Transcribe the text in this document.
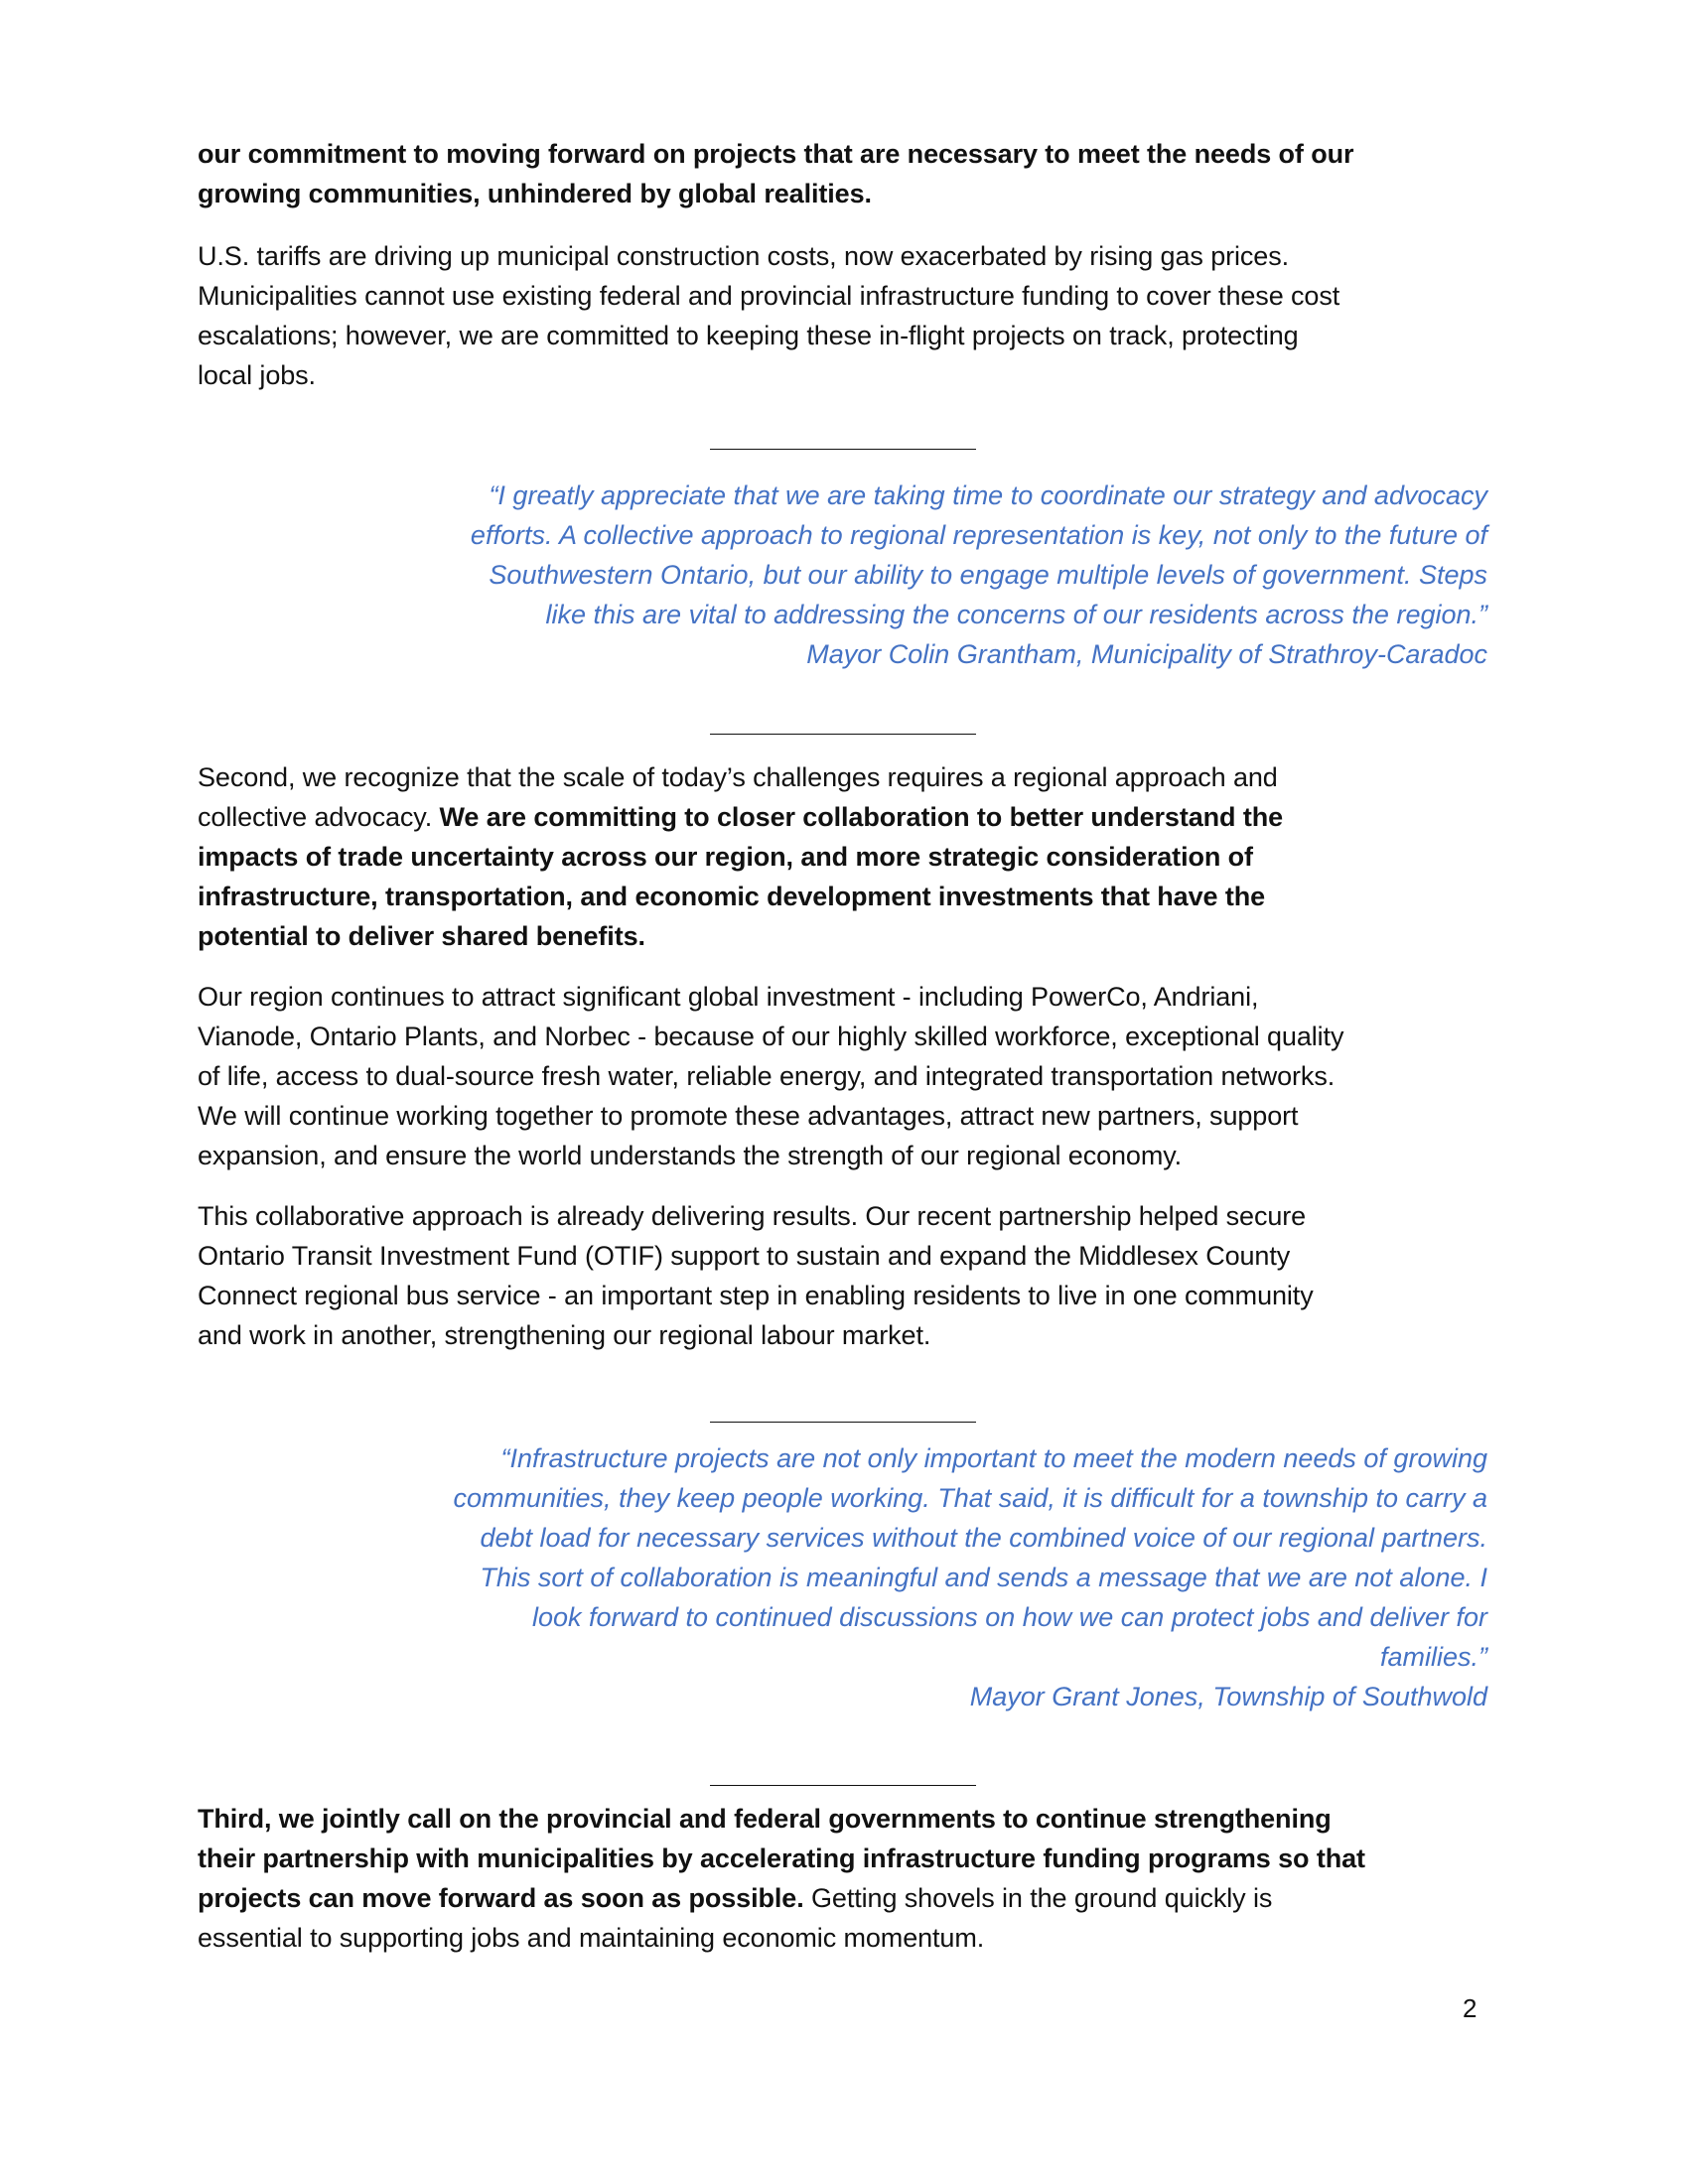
our commitment to moving forward on projects that are necessary to meet the needs of our
growing communities, unhindered by global realities.
U.S. tariffs are driving up municipal construction costs, now exacerbated by rising gas prices.
Municipalities cannot use existing federal and provincial infrastructure funding to cover these cost
escalations; however, we are committed to keeping these in-flight projects on track, protecting
local jobs.
“I greatly appreciate that we are taking time to coordinate our strategy and advocacy
efforts. A collective approach to regional representation is key, not only to the future of
Southwestern Ontario, but our ability to engage multiple levels of government. Steps
like this are vital to addressing the concerns of our residents across the region.”
Mayor Colin Grantham, Municipality of Strathroy-Caradoc
Second, we recognize that the scale of today’s challenges requires a regional approach and
collective advocacy. We are committing to closer collaboration to better understand the
impacts of trade uncertainty across our region, and more strategic consideration of
infrastructure, transportation, and economic development investments that have the
potential to deliver shared benefits.
Our region continues to attract significant global investment - including PowerCo, Andriani,
Vianode, Ontario Plants, and Norbec - because of our highly skilled workforce, exceptional quality
of life, access to dual-source fresh water, reliable energy, and integrated transportation networks.
We will continue working together to promote these advantages, attract new partners, support
expansion, and ensure the world understands the strength of our regional economy.
This collaborative approach is already delivering results. Our recent partnership helped secure
Ontario Transit Investment Fund (OTIF) support to sustain and expand the Middlesex County
Connect regional bus service - an important step in enabling residents to live in one community
and work in another, strengthening our regional labour market.
“Infrastructure projects are not only important to meet the modern needs of growing
communities, they keep people working. That said, it is difficult for a township to carry a
debt load for necessary services without the combined voice of our regional partners.
This sort of collaboration is meaningful and sends a message that we are not alone. I
look forward to continued discussions on how we can protect jobs and deliver for
families.”
Mayor Grant Jones, Township of Southwold
Third, we jointly call on the provincial and federal governments to continue strengthening
their partnership with municipalities by accelerating infrastructure funding programs so that
projects can move forward as soon as possible. Getting shovels in the ground quickly is
essential to supporting jobs and maintaining economic momentum.
2
